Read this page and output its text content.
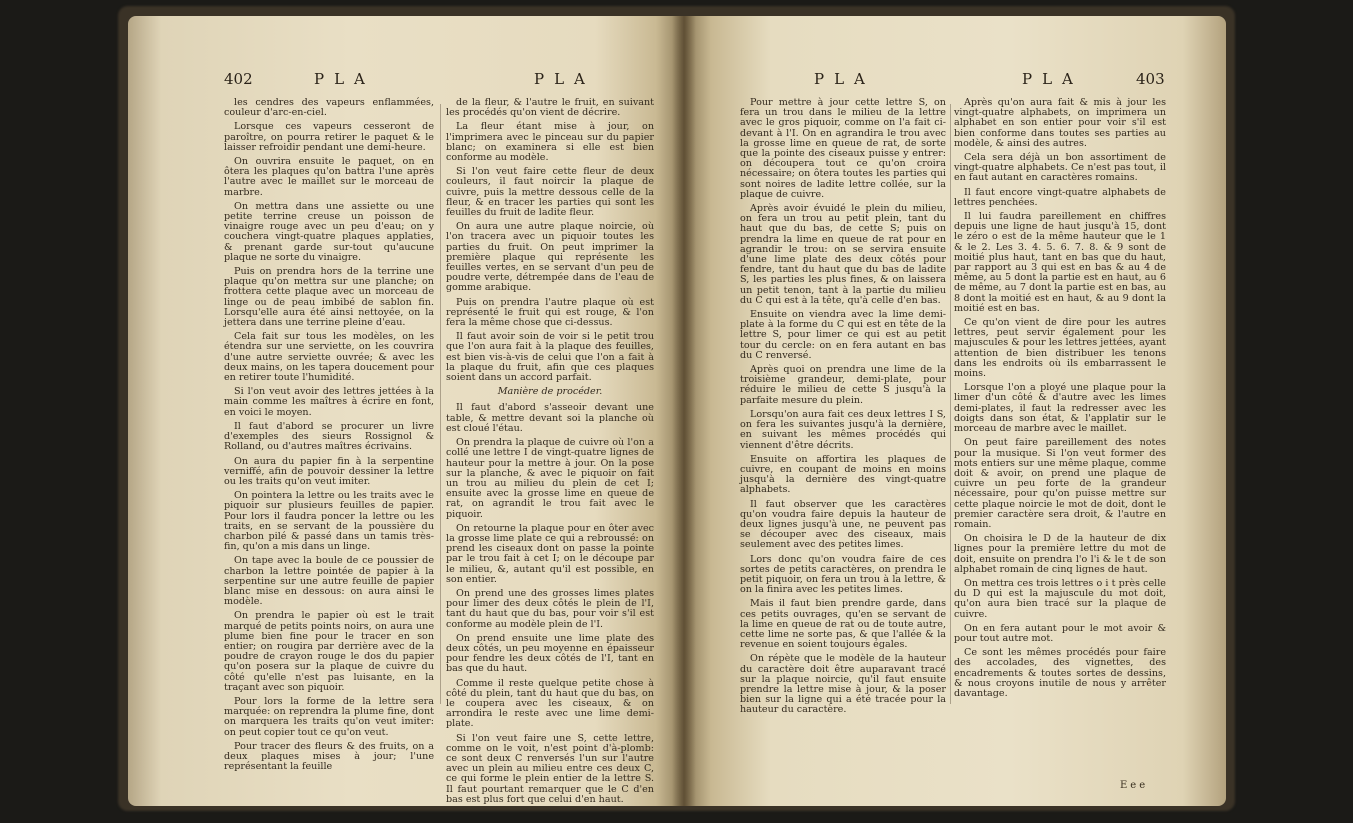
402	PLA	PLA

les cendres des vapeurs enflammées, couleur d'arc-en-ciel.

Lorsque ces vapeurs cesseront de paroître, on pourra retirer le paquet & le laisser refroidir pendant une demi-heure.

On ouvrira ensuite le paquet, on en ôtera les plaques qu'on battra l'une après l'autre avec le maillet sur le morceau de marbre.

On mettra dans une assiette ou une petite terrine creuse un poisson de vinaigre rouge avec un peu d'eau; on y couchera vingt-quatre plaques applaties, & prenant garde sur-tout qu'aucune plaque ne sorte du vinaigre.

Puis on prendra hors de la terrine une plaque qu'on mettra sur une planche; on frottera cette plaque avec un morceau de linge ou de peau imbibé de sablon fin. Lorsqu'elle aura été ainsi nettoyée, on la jettera dans une terrine pleine d'eau.

Cela fait sur tous les modèles, on les étendra sur une serviette, on les couvrira d'une autre serviette ouvrée; & avec les deux mains, on les tapera doucement pour en retirer toute l'humidité.

Si l'on veut avoir des lettres jettées à la main comme les maîtres à écrire en font, en voici le moyen.

Il faut d'abord se procurer un livre d'exemples des sieurs Rossignol & Rolland, ou d'autres maîtres écrivains.

On aura du papier fin à la serpentine verniffé, afin de pouvoir dessiner la lettre ou les traits qu'on veut imiter.

On pointera la lettre ou les traits avec le piquoir sur plusieurs feuilles de papier. Pour lors il faudra poncer la lettre ou les traits, en se servant de la poussière du charbon pilé & passé dans un tamis très-fin, qu'on a mis dans un linge.

On tape avec la boule de ce poussier de charbon la lettre pointée de papier à la serpentine sur une autre feuille de papier blanc mise en dessous: on aura ainsi le modèle.

On prendra le papier où est le trait marqué de petits points noirs, on aura une plume bien fine pour le tracer en son entier; on rougira par derrière avec de la poudre de crayon rouge le dos du papier qu'on posera sur la plaque de cuivre du côté qu'elle n'est pas luisante, en la traçant avec son piquoir.

Pour lors la forme de la lettre sera marquée: on reprendra la plume fine, dont on marquera les traits qu'on veut imiter: on peut copier tout ce qu'on veut.

Pour tracer des fleurs & des fruits, on a deux plaques mises à jour; l'une représentant la feuille

de la fleur, & l'autre le fruit, en suivant les procédés qu'on vient de décrire.

La fleur étant mise à jour, on l'imprimera avec le pinceau sur du papier blanc; on examinera si elle est bien conforme au modèle.

Si l'on veut faire cette fleur de deux couleurs, il faut noircir la plaque de cuivre, puis la mettre dessous celle de la fleur, & en tracer les parties qui sont les feuilles du fruit de ladite fleur.

On aura une autre plaque noircie, où l'on tracera avec un piquoir toutes les parties du fruit. On peut imprimer la première plaque qui représente les feuilles vertes, en se servant d'un peu de poudre verte, détrempée dans de l'eau de gomme arabique.

Puis on prendra l'autre plaque où est représenté le fruit qui est rouge, & l'on fera la même chose que ci-dessus.

Il faut avoir soin de voir si le petit trou que l'on aura fait à la plaque des feuilles, est bien vis-à-vis de celui que l'on a fait à la plaque du fruit, afin que ces plaques soient dans un accord parfait.

Manière de procéder.

Il faut d'abord s'asseoir devant une table, & mettre devant soi la planche où est cloué l'étau.

On prendra la plaque de cuivre où l'on a collé une lettre I de vingt-quatre lignes de hauteur pour la mettre à jour. On la pose sur la planche, & avec le piquoir on fait un trou au milieu du plein de cet I; ensuite avec la grosse lime en queue de rat, on agrandit le trou fait avec le piquoir.

On retourne la plaque pour en ôter avec la grosse lime plate ce qui a rebroussé: on prend les ciseaux dont on passe la pointe par le trou fait à cet I; on le découpe par le milieu, &, autant qu'il est possible, en son entier.

On prend une des grosses limes plates pour limer des deux côtés le plein de l'I, tant du haut que du bas, pour voir s'il est conforme au modèle plein de l'I.

On prend ensuite une lime plate des deux côtés, un peu moyenne en épaisseur pour fendre les deux côtés de l'I, tant en bas que du haut.

Comme il reste quelque petite chose à côté du plein, tant du haut que du bas, on le coupera avec les ciseaux, & on arrondira le reste avec une lime demi-plate.

Si l'on veut faire une S, cette lettre, comme on le voit, n'est point d'à-plomb: ce sont deux C renversés l'un sur l'autre avec un plein au milieu entre ces deux C, ce qui forme le plein entier de la lettre S. Il faut pourtant remarquer que le C d'en bas est plus fort que celui d'en haut.

PLA	PLA	403

Pour mettre à jour cette lettre S, on fera un trou dans le milieu de la lettre avec le gros piquoir, comme on l'a fait ci-devant à l'I. On en agrandira le trou avec la grosse lime en queue de rat, de sorte que la pointe des ciseaux puisse y entrer: on découpera tout ce qu'on croira nécessaire; on ôtera toutes les parties qui sont noires de ladite lettre collée, sur la plaque de cuivre.

Après avoir évuidé le plein du milieu, on fera un trou au petit plein, tant du haut que du bas, de cette S; puis on prendra la lime en queue de rat pour en agrandir le trou: on se servira ensuite d'une lime plate des deux côtés pour fendre, tant du haut que du bas de ladite S, les parties les plus fines, & on laissera un petit tenon, tant à la partie du milieu du C qui est à la tête, qu'à celle d'en bas.

Ensuite on viendra avec la lime demi-plate à la forme du C qui est en tête de la lettre S, pour limer ce qui est au petit tour du cercle: on en fera autant en bas du C renversé.

Après quoi on prendra une lime de la troisième grandeur, demi-plate, pour réduire le milieu de cette S jusqu'à la parfaite mesure du plein.

Lorsqu'on aura fait ces deux lettres I S, on fera les suivantes jusqu'à la dernière, en suivant les mêmes procédés qui viennent d'être décrits.

Ensuite on affortira les plaques de cuivre, en coupant de moins en moins jusqu'à la dernière des vingt-quatre alphabets.

Il faut observer que les caractères qu'on voudra faire depuis la hauteur de deux lignes jusqu'à une, ne peuvent pas se découper avec des ciseaux, mais seulement avec des petites limes.

Lors donc qu'on voudra faire de ces sortes de petits caractères, on prendra le petit piquoir, on fera un trou à la lettre, & on la finira avec les petites limes.

Mais il faut bien prendre garde, dans ces petits ouvrages, qu'en se servant de la lime en queue de rat ou de toute autre, cette lime ne sorte pas, & que l'allée & la revenue en soient toujours égales.

On répète que le modèle de la hauteur du caractère doit être auparavant tracé sur la plaque noircie, qu'il faut ensuite prendre la lettre mise à jour, & la poser bien sur la ligne qui a été tracée pour la hauteur du caractère.

Après qu'on aura fait & mis à jour les vingt-quatre alphabets, on imprimera un alphabet en son entier pour voir s'il est bien conforme dans toutes ses parties au modèle, & ainsi des autres.

Cela sera déjà un bon assortiment de vingt-quatre alphabets. Ce n'est pas tout, il en faut autant en caractères romains.

Il faut encore vingt-quatre alphabets de lettres penchées.

Il lui faudra pareillement en chiffres depuis une ligne de haut jusqu'à 15, dont le zéro o est de la même hauteur que le 1 & le 2. Les 3. 4. 5. 6. 7. 8. & 9 sont de moitié plus haut, tant en bas que du haut, par rapport au 3 qui est en bas & au 4 de même, au 5 dont la partie est en haut, au 6 de même, au 7 dont la partie est en bas, au 8 dont la moitié est en haut, & au 9 dont la moitié est en bas.

Ce qu'on vient de dire pour les autres lettres, peut servir également pour les majuscules & pour les lettres jettées, ayant attention de bien distribuer les tenons dans les endroits où ils embarrassent le moins.

Lorsque l'on a ployé une plaque pour la limer d'un côté & d'autre avec les limes demi-plates, il faut la redresser avec les doigts dans son état, & l'applatir sur le morceau de marbre avec le maillet.

On peut faire pareillement des notes pour la musique. Si l'on veut former des mots entiers sur une même plaque, comme doit & avoir, on prend une plaque de cuivre un peu forte de la grandeur nécessaire, pour qu'on puisse mettre sur cette plaque noircie le mot de doit, dont le premier caractère sera droit, & l'autre en romain.

On choisira le D de la hauteur de dix lignes pour la première lettre du mot de doit, ensuite on prendra l'o l'i & le t de son alphabet romain de cinq lignes de haut.

On mettra ces trois lettres o i t près celle du D qui est la majuscule du mot doit, qu'on aura bien tracé sur la plaque de cuivre.

On en fera autant pour le mot avoir & pour tout autre mot.

Ce sont les mêmes procédés pour faire des accolades, des vignettes, des encadrements & toutes sortes de dessins, & nous croyons inutile de nous y arrêter davantage.

Eee
